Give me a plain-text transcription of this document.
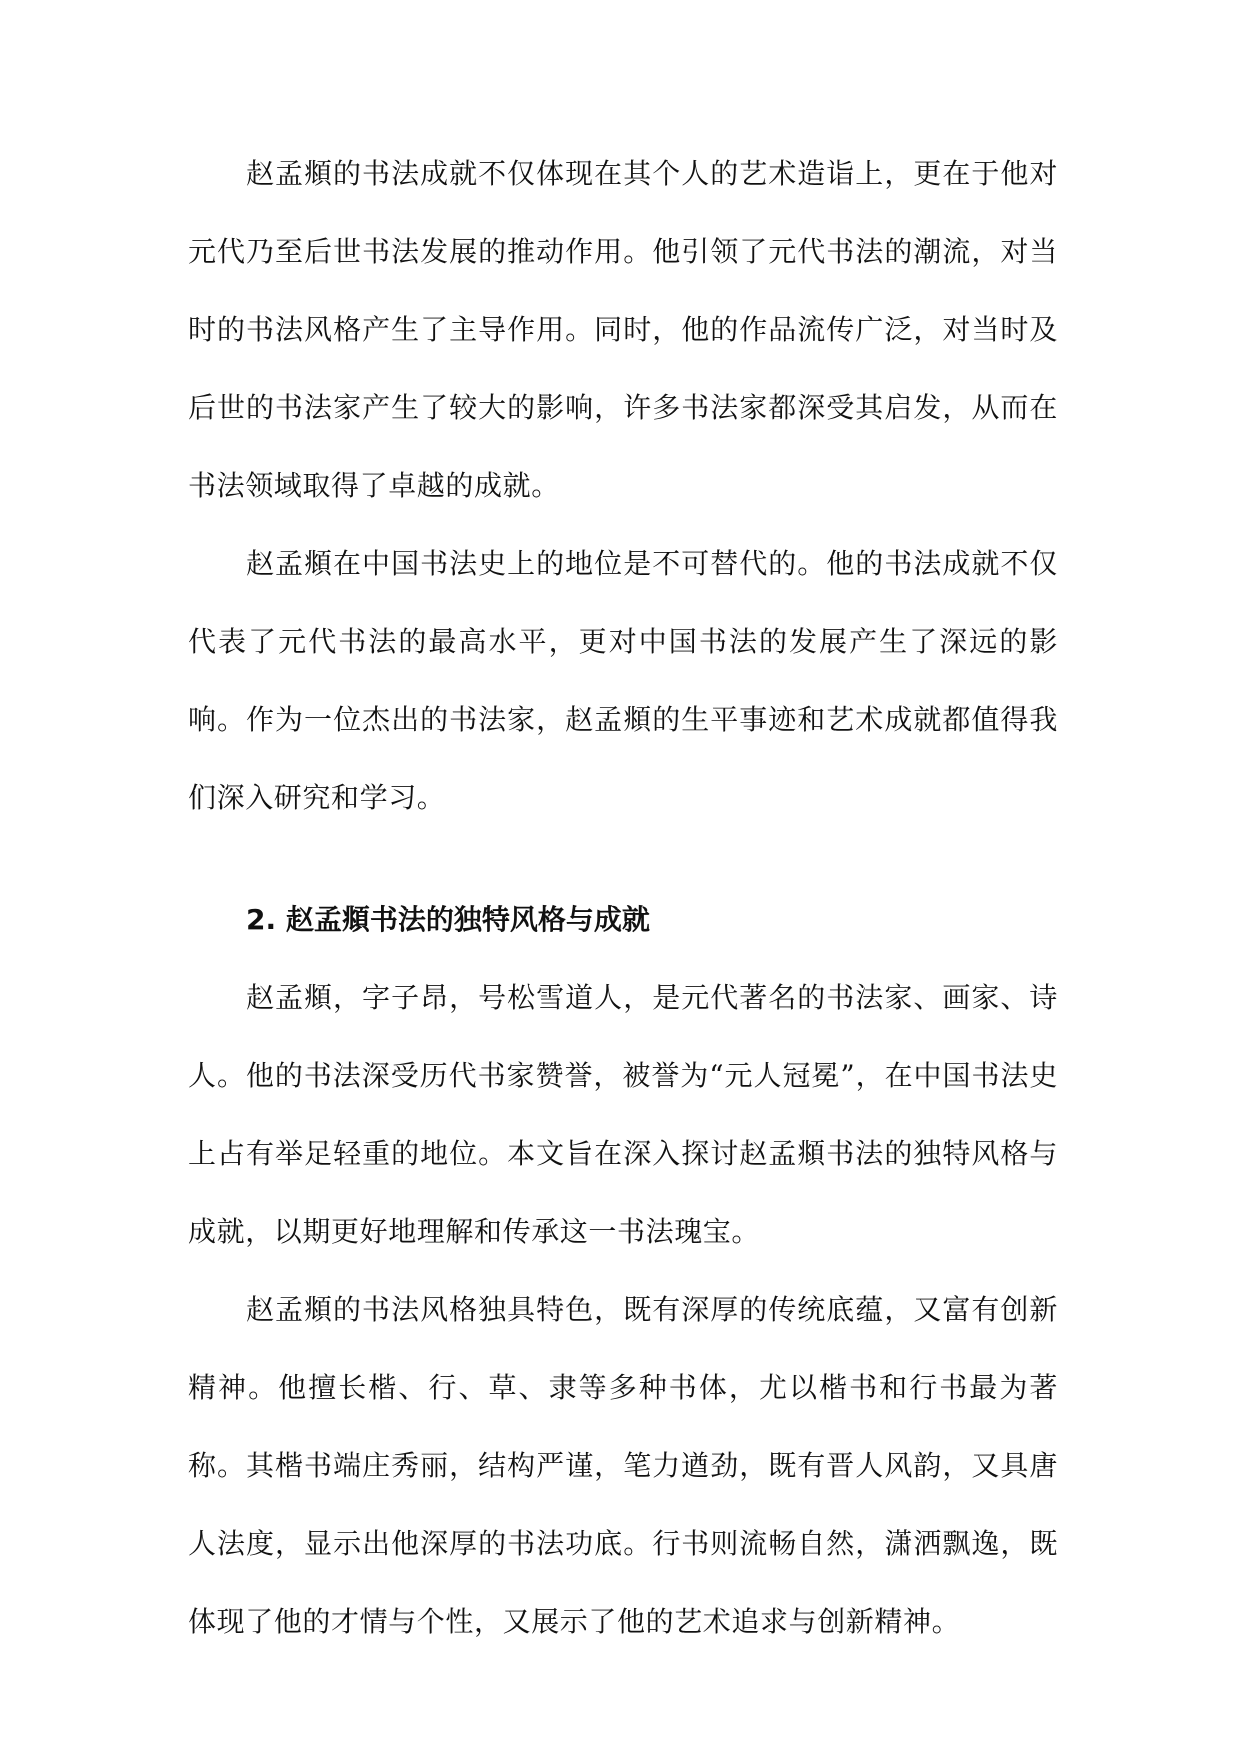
赵孟頫的书法成就不仅体现在其个人的艺术造诣上，更在于他对元代乃至后世书法发展的推动作用。他引领了元代书法的潮流，对当时的书法风格产生了主导作用。同时，他的作品流传广泛，对当时及后世的书法家产生了较大的影响，许多书法家都深受其启发，从而在书法领域取得了卓越的成就。

赵孟頫在中国书法史上的地位是不可替代的。他的书法成就不仅代表了元代书法的最高水平，更对中国书法的发展产生了深远的影响。作为一位杰出的书法家，赵孟頫的生平事迹和艺术成就都值得我们深入研究和学习。

2. 赵孟頫书法的独特风格与成就

赵孟頫，字子昂，号松雪道人，是元代著名的书法家、画家、诗人。他的书法深受历代书家赞誉，被誉为“元人冠冕”，在中国书法史上占有举足轻重的地位。本文旨在深入探讨赵孟頫书法的独特风格与成就，以期更好地理解和传承这一书法瑰宝。

赵孟頫的书法风格独具特色，既有深厚的传统底蕴，又富有创新精神。他擅长楷、行、草、隶等多种书体，尤以楷书和行书最为著称。其楷书端庄秀丽，结构严谨，笔力遒劲，既有晋人风韵，又具唐人法度，显示出他深厚的书法功底。行书则流畅自然，潇洒飘逸，既体现了他的才情与个性，又展示了他的艺术追求与创新精神。
